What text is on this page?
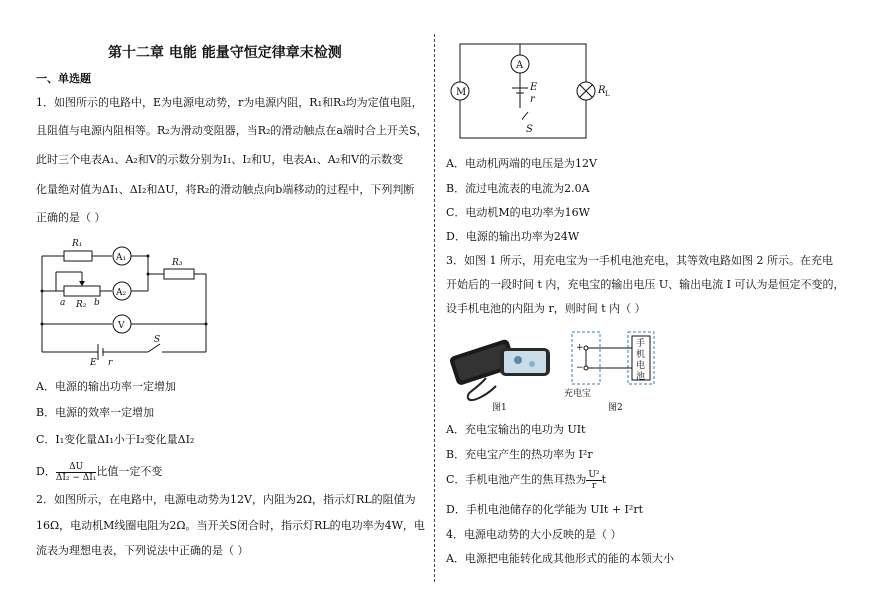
第十二章 电能 能量守恒定律章末检测
一、单选题
1．如图所示的电路中，E为电源电动势，r为电源内阻，R₁和R₃均为定值电阻，
且阻值与电源内阻相等。R₂为滑动变阻器，当R₂的滑动触点在a端时合上开关S，
此时三个电表A₁、A₂和V的示数分别为I₁、I₂和U，电表A₁、A₂和V的示数变
化量绝对值为ΔI₁、ΔI₂和ΔU，将R₂的滑动触点向b端移动的过程中，下列判断
正确的是（ ）
R₁
A₁
A₂
R₃
a R₂ b
V
E r
S
A．电源的输出功率一定增加
B．电源的效率一定增加
C．I₁变化量ΔI₁小于I₂变化量ΔI₂
D． $\frac{\Delta U}{\text{ΔI₂ − ΔI₁}}$ 比值一定不变
2．如图所示，在电路中，电源电动势为12V，内阻为2Ω，指示灯RL的阻值为
16Ω，电动机M线圈电阻为2Ω。当开关S闭合时，指示灯RL的电功率为4W，电
流表为理想电表，下列说法中正确的是（ ）
M
A
E
r
S
R L
A．电动机两端的电压是为12V
B．流过电流表的电流为2.0A
C．电动机M的电功率为16W
D．电源的输出功率为24W
3．如图 1 所示，用充电宝为一手机电池充电，其等效电路如图 2 所示。在充电
开始后的一段时间 t 内，充电宝的输出电压 U、输出电流 I 可认为是恒定不变的，
设手机电池的内阻为 r，则时间 t 内（ ）
图1
+
−
充电宝
手
机
电
池
图2
A．充电宝输出的电功为 UIt
B．充电宝产生的热功率为 I²r
C．手机电池产生的焦耳热为 $\frac{\text{U²}}{r}$ t
D．手机电池储存的化学能为 UIt + I²rt
4．电源电动势的大小反映的是（ ）
A．电源把电能转化成其他形式的能的本领大小
